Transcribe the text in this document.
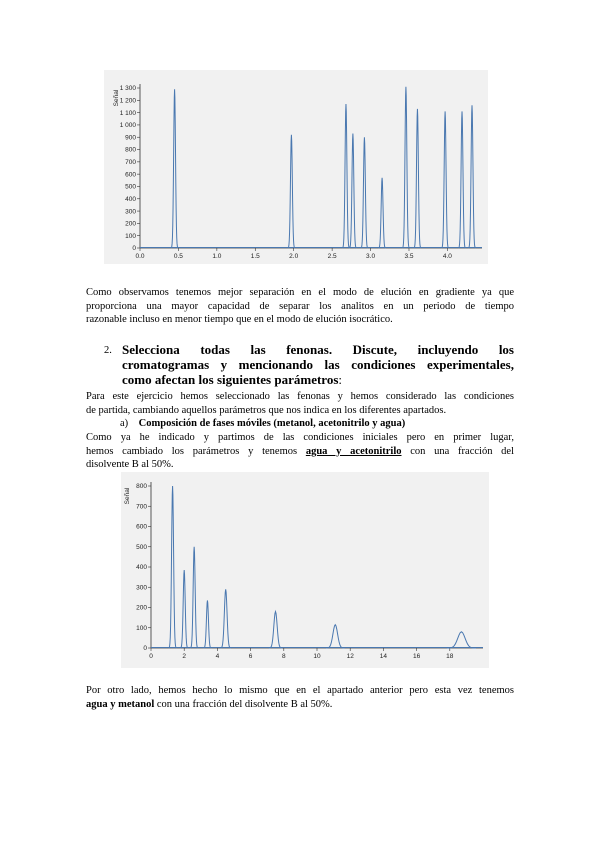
0
100
200
300
400
500
600
700
800
900
1 000
1 100
1 200
1 300
0.0	0.5	1.0	1.5	2.0	2.5	3.0	3.5	4.0
Señal

Como observamos tenemos mejor separación en el modo de elución en gradiente ya que
proporciona una mayor capacidad de separar los analitos en un periodo de tiempo
razonable incluso en menor tiempo que en el modo de elución isocrático.

2. Selecciona todas las fenonas. Discute, incluyendo los
cromatogramas y mencionando las condiciones experimentales,
como afectan los siguientes parámetros:

Para este ejercicio hemos seleccionado las fenonas y hemos considerado las condiciones
de partida, cambiando aquellos parámetros que nos indica en los diferentes apartados.

a) Composición de fases móviles (metanol, acetonitrilo y agua)

Como ya he indicado y partimos de las condiciones iniciales pero en primer lugar,
hemos cambiado los parámetros y tenemos agua y acetonitrilo con una fracción del
disolvente B al 50%.

0
100
200
300
400
500
600
700
800
0	2	4	6	8	10	12	14	16	18
Señal

Por otro lado, hemos hecho lo mismo que en el apartado anterior pero esta vez tenemos
agua y metanol con una fracción del disolvente B al 50%.
